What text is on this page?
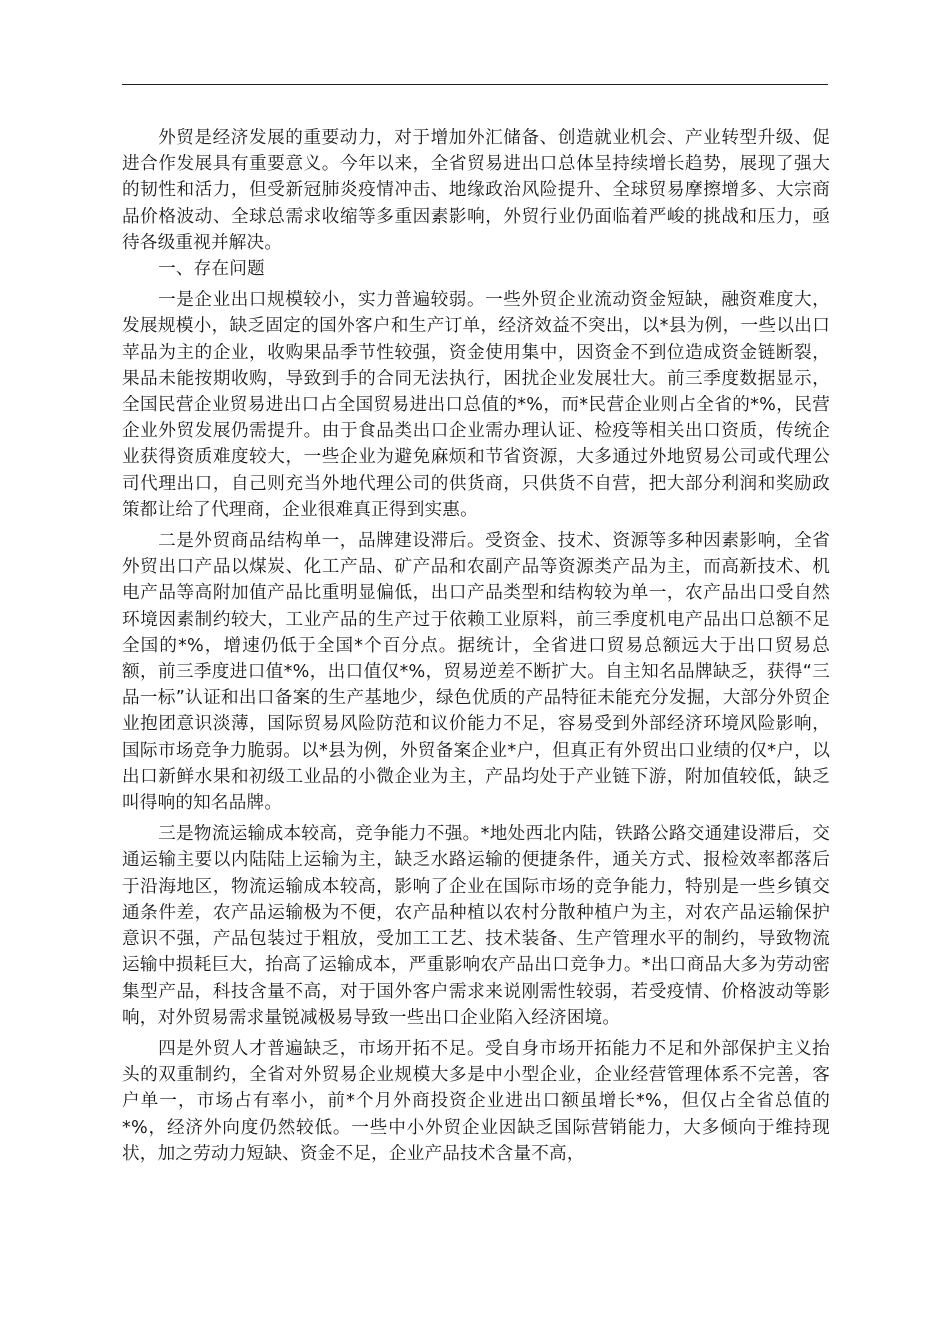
外贸是经济发展的重要动力，对于增加外汇储备、创造就业机会、产业转型升级、促进合作发展具有重要意义。今年以来，全省贸易进出口总体呈持续增长趋势，展现了强大的韧性和活力，但受新冠肺炎疫情冲击、地缘政治风险提升、全球贸易摩擦增多、大宗商品价格波动、全球总需求收缩等多重因素影响，外贸行业仍面临着严峻的挑战和压力，亟待各级重视并解决。

一、存在问题

一是企业出口规模较小，实力普遍较弱。一些外贸企业流动资金短缺，融资难度大，发展规模小，缺乏固定的国外客户和生产订单，经济效益不突出，以*县为例，一些以出口苹品为主的企业，收购果品季节性较强，资金使用集中，因资金不到位造成资金链断裂，果品未能按期收购，导致到手的合同无法执行，困扰企业发展壮大。前三季度数据显示，全国民营企业贸易进出口占全国贸易进出口总值的*%，而*民营企业则占全省的*%，民营企业外贸发展仍需提升。由于食品类出口企业需办理认证、检疫等相关出口资质，传统企业获得资质难度较大，一些企业为避免麻烦和节省资源，大多通过外地贸易公司或代理公司代理出口，自己则充当外地代理公司的供货商，只供货不自营，把大部分利润和奖励政策都让给了代理商，企业很难真正得到实惠。

二是外贸商品结构单一，品牌建设滞后。受资金、技术、资源等多种因素影响，全省外贸出口产品以煤炭、化工产品、矿产品和农副产品等资源类产品为主，而高新技术、机电产品等高附加值产品比重明显偏低，出口产品类型和结构较为单一，农产品出口受自然环境因素制约较大，工业产品的生产过于依赖工业原料，前三季度机电产品出口总额不足全国的*%，增速仍低于全国*个百分点。据统计，全省进口贸易总额远大于出口贸易总额，前三季度进口值*%，出口值仅*%，贸易逆差不断扩大。自主知名品牌缺乏，获得“三品一标”认证和出口备案的生产基地少，绿色优质的产品特征未能充分发掘，大部分外贸企业抱团意识淡薄，国际贸易风险防范和议价能力不足，容易受到外部经济环境风险影响，国际市场竞争力脆弱。以*县为例，外贸备案企业*户，但真正有外贸出口业绩的仅*户，以出口新鲜水果和初级工业品的小微企业为主，产品均处于产业链下游，附加值较低，缺乏叫得响的知名品牌。

三是物流运输成本较高，竞争能力不强。*地处西北内陆，铁路公路交通建设滞后，交通运输主要以内陆陆上运输为主，缺乏水路运输的便捷条件，通关方式、报检效率都落后于沿海地区，物流运输成本较高，影响了企业在国际市场的竞争能力，特别是一些乡镇交通条件差，农产品运输极为不便，农产品种植以农村分散种植户为主，对农产品运输保护意识不强，产品包装过于粗放，受加工工艺、技术装备、生产管理水平的制约，导致物流运输中损耗巨大，抬高了运输成本，严重影响农产品出口竞争力。*出口商品大多为劳动密集型产品，科技含量不高，对于国外客户需求来说刚需性较弱，若受疫情、价格波动等影响，对外贸易需求量锐减极易导致一些出口企业陷入经济困境。

四是外贸人才普遍缺乏，市场开拓不足。受自身市场开拓能力不足和外部保护主义抬头的双重制约，全省对外贸易企业规模大多是中小型企业，企业经营管理体系不完善，客户单一，市场占有率小，前*个月外商投资企业进出口额虽增长*%，但仅占全省总值的*%，经济外向度仍然较低。一些中小外贸企业因缺乏国际营销能力，大多倾向于维持现状，加之劳动力短缺、资金不足，企业产品技术含量不高，
